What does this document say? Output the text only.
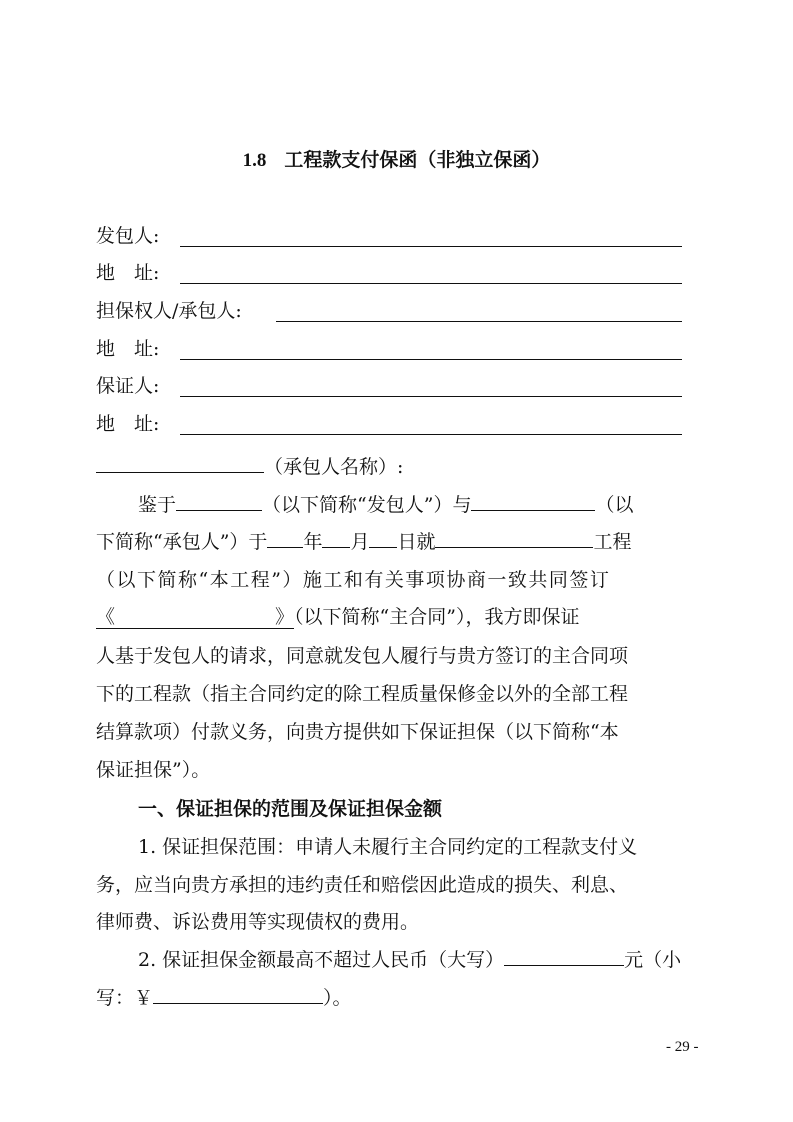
1.8 工程款支付保函（非独立保函）
发包人:
地　址:
担保权人/承包人:
地　址:
保证人:
地　址:
（承包人名称）:
鉴于	（以下简称“发包人”）与	（以
下简称“承包人”）于 年 月 日就	工程
（以下简称“本工程”）施工和有关事项协商一致共同签订
《	》（以下简称“主合同”），我方即保证
人基于发包人的请求，同意就发包人履行与贵方签订的主合同项
下的工程款（指主合同约定的除工程质量保修金以外的全部工程
结算款项）付款义务，向贵方提供如下保证担保（以下简称“本
保证担保”）。
一、保证担保的范围及保证担保金额
1. 保证担保范围：申请人未履行主合同约定的工程款支付义
务，应当向贵方承担的违约责任和赔偿因此造成的损失、利息、
律师费、诉讼费用等实现债权的费用。
2. 保证担保金额最高不超过人民币（大写）	元（小
写：￥	）。
- 29 -
